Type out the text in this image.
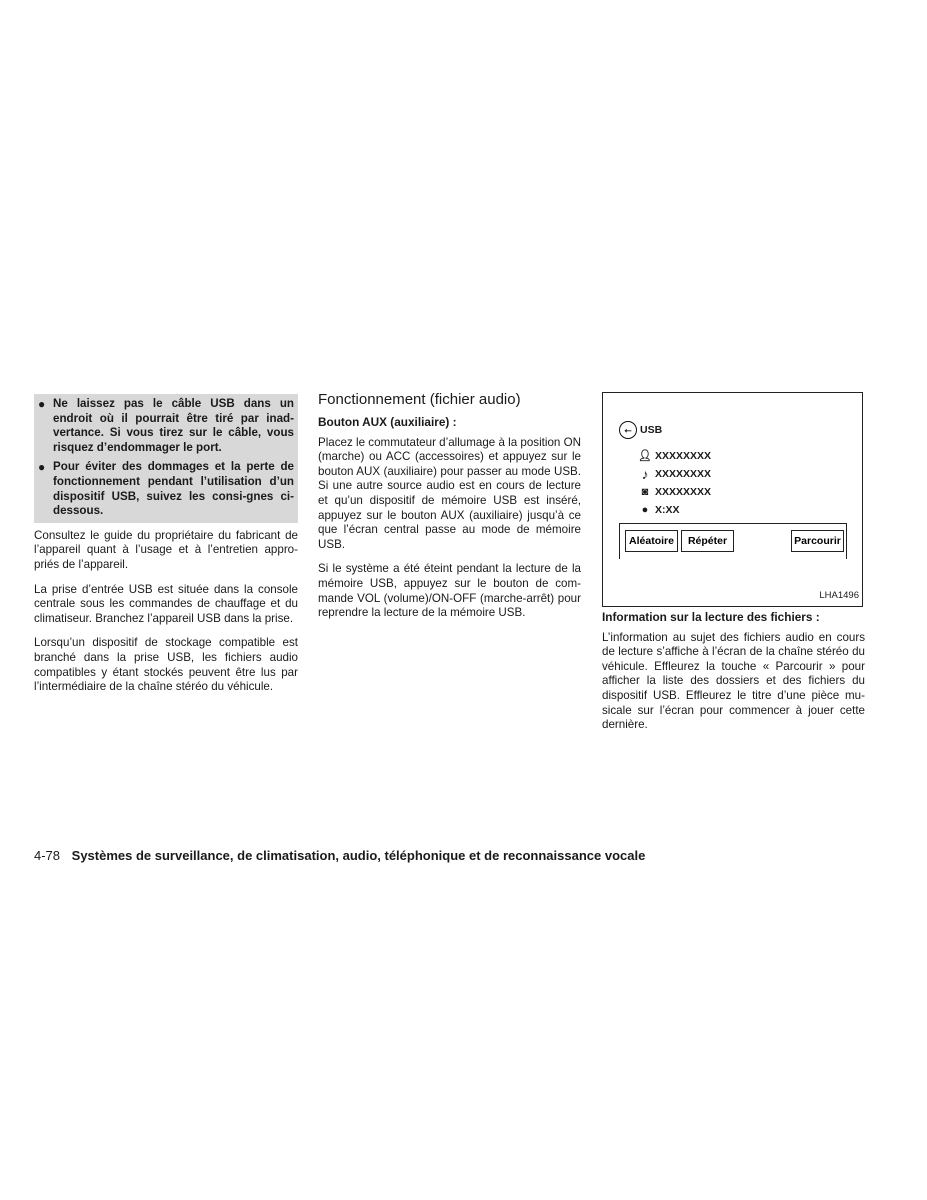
● Ne laissez pas le câble USB dans un endroit où il pourrait être tiré par inad-vertance. Si vous tirez sur le câble, vous risquez d’endommager le port.
● Pour éviter des dommages et la perte de fonctionnement pendant l’utilisation d’un dispositif USB, suivez les consi-gnes ci-dessous.

Consultez le guide du propriétaire du fabricant de l’appareil quant à l’usage et à l’entretien appro-priés de l’appareil.

La prise d’entrée USB est située dans la console centrale sous les commandes de chauffage et du climatiseur. Branchez l’appareil USB dans la prise.

Lorsqu’un dispositif de stockage compatible est branché dans la prise USB, les fichiers audio compatibles y étant stockés peuvent être lus par l’intermédiaire de la chaîne stéréo du véhicule.

Fonctionnement (fichier audio)
Bouton AUX (auxiliaire) :

Placez le commutateur d’allumage à la position ON (marche) ou ACC (accessoires) et appuyez sur le bouton AUX (auxiliaire) pour passer au mode USB. Si une autre source audio est en cours de lecture et qu’un dispositif de mémoire USB est inséré, appuyez sur le bouton AUX (auxiliaire) jusqu’à ce que l’écran central passe au mode de mémoire USB.

Si le système a été éteint pendant la lecture de la mémoire USB, appuyez sur le bouton de com-mande VOL (volume)/ON-OFF (marche-arrêt) pour reprendre la lecture de la mémoire USB.

⭠ USB
👤︎ XXXXXXXX
♪ XXXXXXXX
◙ XXXXXXXX
● X:XX
Aléatoire	Répéter	Parcourir
LHA1496
Information sur la lecture des fichiers :

L’information au sujet des fichiers audio en cours de lecture s’affiche à l’écran de la chaîne stéréo du véhicule. Effleurez la touche « Parcourir » pour afficher la liste des dossiers et des fichiers du dispositif USB. Effleurez le titre d’une pièce mu-sicale sur l’écran pour commencer à jouer cette dernière.

4-78 Systèmes de surveillance, de climatisation, audio, téléphonique et de reconnaissance vocale
